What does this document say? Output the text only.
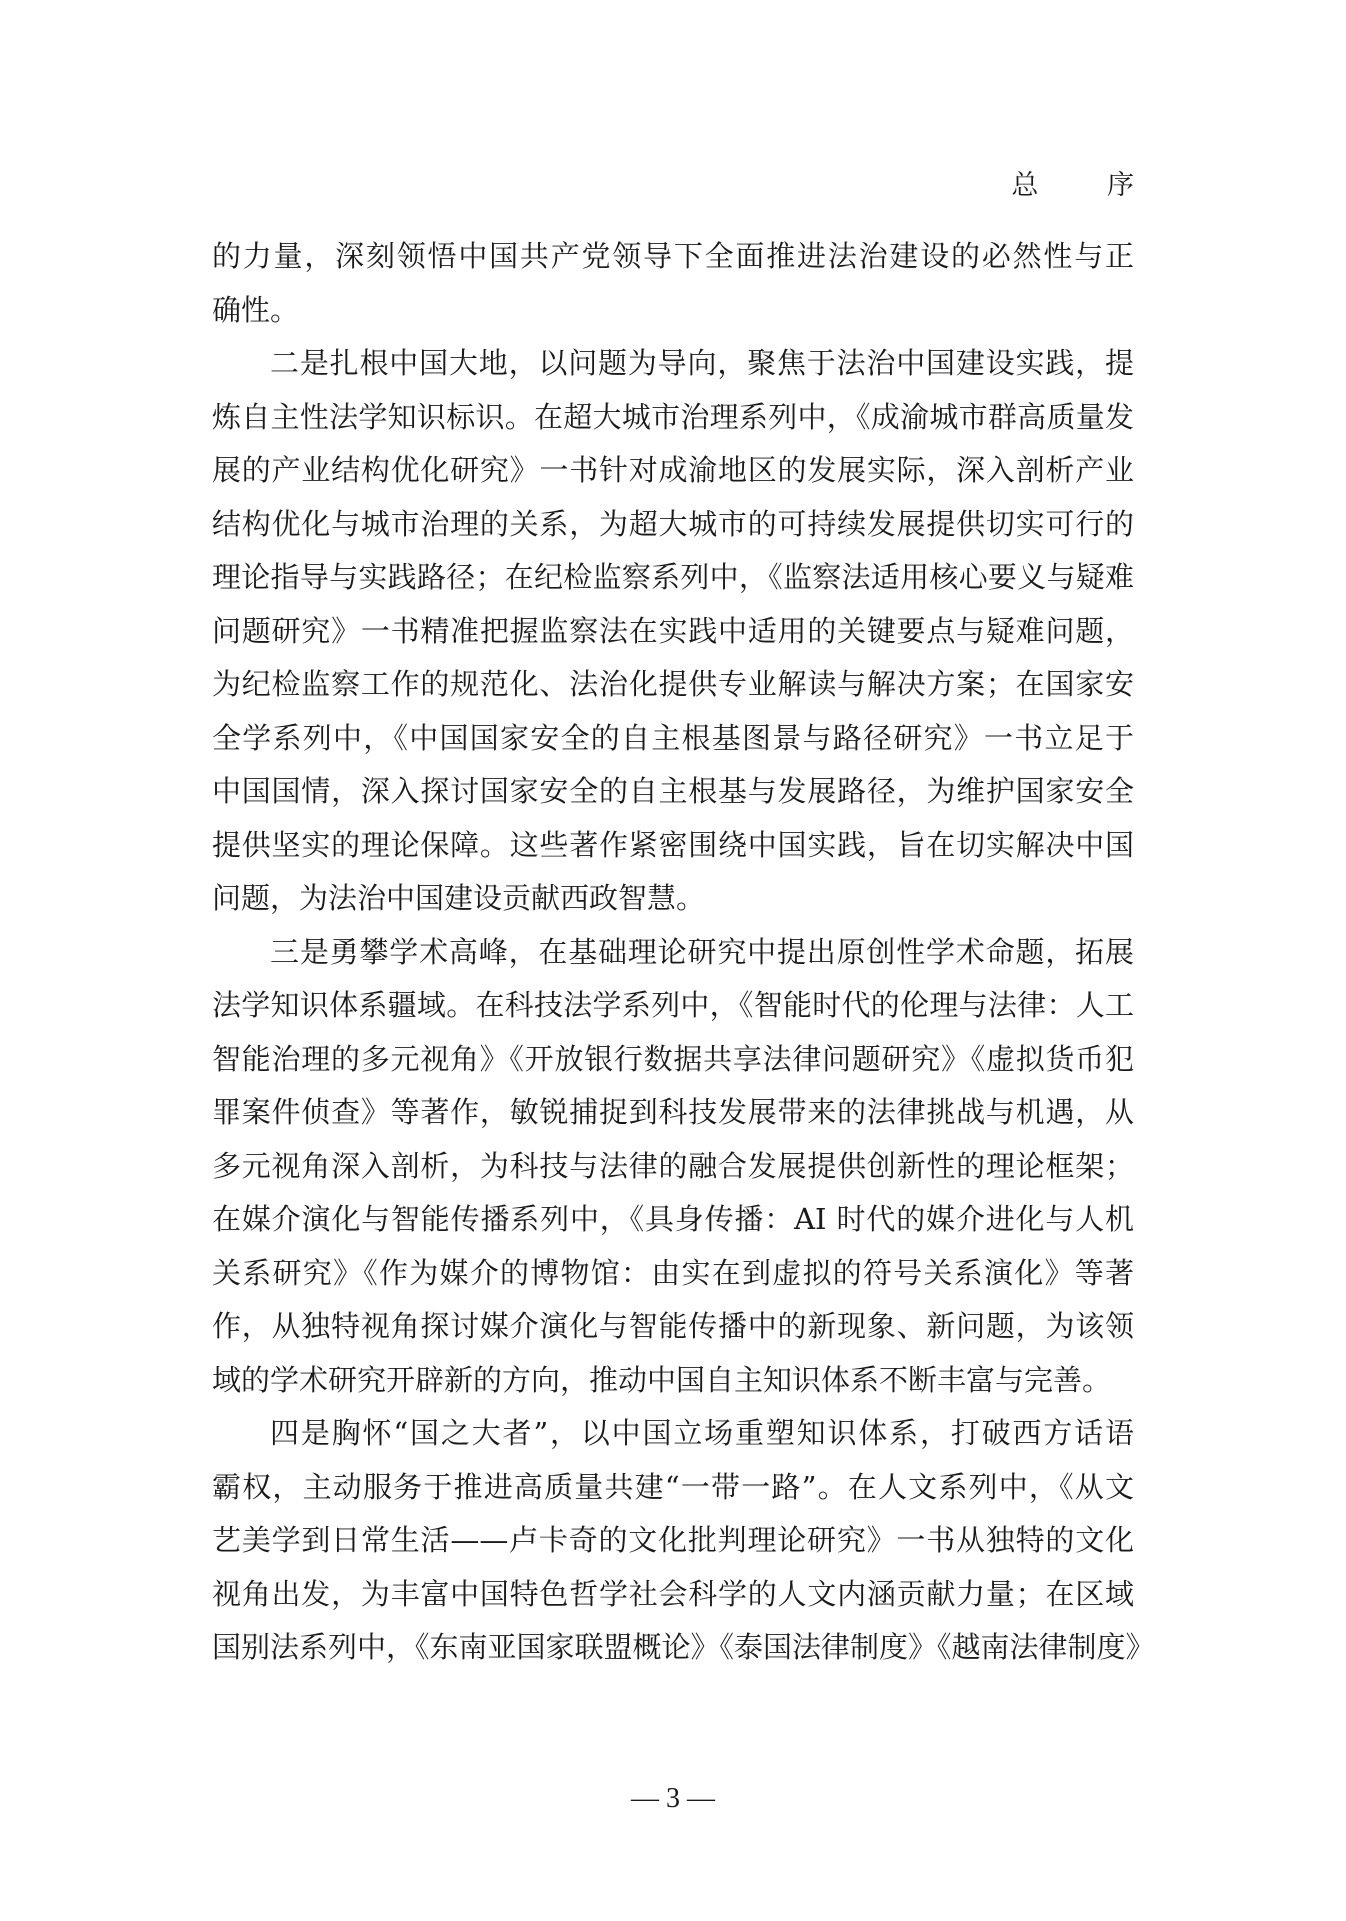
总 序
的力量，深刻领悟中国共产党领导下全面推进法治建设的必然性与正
确性。
二是扎根中国大地，以问题为导向，聚焦于法治中国建设实践，提
炼自主性法学知识标识。在超大城市治理系列中，《成渝城市群高质量发
展的产业结构优化研究》一书针对成渝地区的发展实际，深入剖析产业
结构优化与城市治理的关系，为超大城市的可持续发展提供切实可行的
理论指导与实践路径；在纪检监察系列中，《监察法适用核心要义与疑难
问题研究》一书精准把握监察法在实践中适用的关键要点与疑难问题，
为纪检监察工作的规范化、法治化提供专业解读与解决方案；在国家安
全学系列中，《中国国家安全的自主根基图景与路径研究》一书立足于
中国国情，深入探讨国家安全的自主根基与发展路径，为维护国家安全
提供坚实的理论保障。这些著作紧密围绕中国实践，旨在切实解决中国
问题，为法治中国建设贡献西政智慧。
三是勇攀学术高峰，在基础理论研究中提出原创性学术命题，拓展
法学知识体系疆域。在科技法学系列中，《智能时代的伦理与法律：人工
智能治理的多元视角》《开放银行数据共享法律问题研究》《虚拟货币犯
罪案件侦查》等著作，敏锐捕捉到科技发展带来的法律挑战与机遇，从
多元视角深入剖析，为科技与法律的融合发展提供创新性的理论框架；
在媒介演化与智能传播系列中，《具身传播：AI 时代的媒介进化与人机
关系研究》《作为媒介的博物馆：由实在到虚拟的符号关系演化》等著
作，从独特视角探讨媒介演化与智能传播中的新现象、新问题，为该领
域的学术研究开辟新的方向，推动中国自主知识体系不断丰富与完善。
四是胸怀“国之大者”，以中国立场重塑知识体系，打破西方话语
霸权，主动服务于推进高质量共建“一带一路”。在人文系列中，《从文
艺美学到日常生活——卢卡奇的文化批判理论研究》一书从独特的文化
视角出发，为丰富中国特色哲学社会科学的人文内涵贡献力量；在区域
国别法系列中，《东南亚国家联盟概论》《泰国法律制度》《越南法律制度》
— 3 —
